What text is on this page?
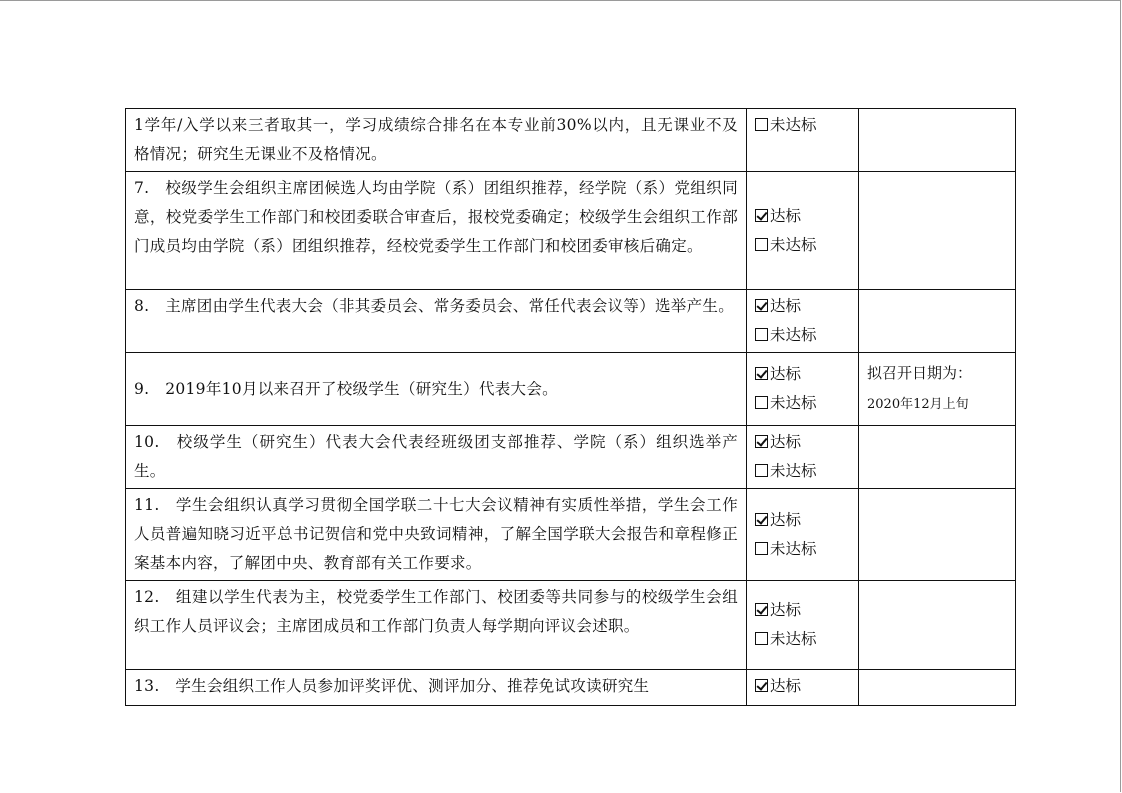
1学年/入学以来三者取其一，学习成绩综合排名在本专业前30%以内，且无课业不及格情况；研究生无课业不及格情况。	未达标	

7.　校级学生会组织主席团候选人均由学院（系）团组织推荐，经学院（系）党组织同意，校党委学生工作部门和校团委联合审查后，报校党委确定；校级学生会组织工作部门成员均由学院（系）团组织推荐，经校党委学生工作部门和校团委审核后确定。	达标
未达标	

8.　主席团由学生代表大会（非其委员会、常务委员会、常任代表会议等）选举产生。	达标
未达标	

9.　2019年10月以来召开了校级学生（研究生）代表大会。	达标
未达标	拟召开日期为：
2020年12月上旬

10.　校级学生（研究生）代表大会代表经班级团支部推荐、学院（系）组织选举产生。	达标
未达标	

11.　学生会组织认真学习贯彻全国学联二十七大会议精神有实质性举措，学生会工作人员普遍知晓习近平总书记贺信和党中央致词精神，了解全国学联大会报告和章程修正案基本内容，了解团中央、教育部有关工作要求。	达标
未达标	

12.　组建以学生代表为主，校党委学生工作部门、校团委等共同参与的校级学生会组织工作人员评议会；主席团成员和工作部门负责人每学期向评议会述职。	达标
未达标	

13.　学生会组织工作人员参加评奖评优、测评加分、推荐免试攻读研究生	达标	
